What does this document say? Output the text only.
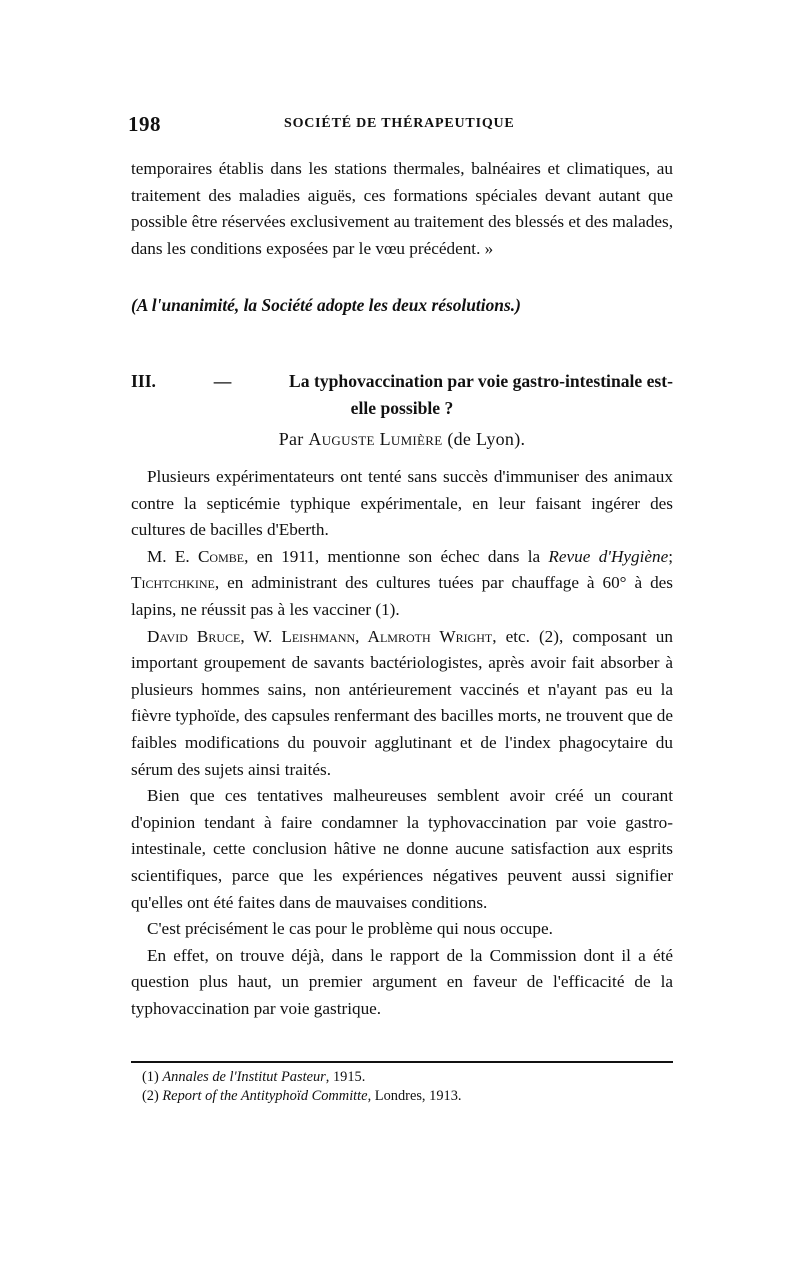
198	SOCIÉTÉ DE THÉRAPEUTIQUE

temporaires établis dans les stations thermales, balnéaires et climatiques, au traitement des maladies aiguës, ces formations spéciales devant autant que possible être réservées exclusivement au traitement des blessés et des malades, dans les conditions exposées par le vœu précédent. »

(A l'unanimité, la Société adopte les deux résolutions.)

III.	—	La typhovaccination par voie gastro-intestinale est-
elle possible ?
Par Auguste Lumière (de Lyon).

Plusieurs expérimentateurs ont tenté sans succès d'immuniser des animaux contre la septicémie typhique expérimentale, en leur faisant ingérer des cultures de bacilles d'Eberth.

M. E. Combe, en 1911, mentionne son échec dans la Revue d'Hygiène; Tichtchkine, en administrant des cultures tuées par chauffage à 60° à des lapins, ne réussit pas à les vacciner (1).

David Bruce, W. Leishmann, Almroth Wright, etc. (2), composant un important groupement de savants bactériologistes, après avoir fait absorber à plusieurs hommes sains, non antérieurement vaccinés et n'ayant pas eu la fièvre typhoïde, des capsules renfermant des bacilles morts, ne trouvent que de faibles modifications du pouvoir agglutinant et de l'index phagocytaire du sérum des sujets ainsi traités.

Bien que ces tentatives malheureuses semblent avoir créé un courant d'opinion tendant à faire condamner la typhovaccination par voie gastro-intestinale, cette conclusion hâtive ne donne aucune satisfaction aux esprits scientifiques, parce que les expériences négatives peuvent aussi signifier qu'elles ont été faites dans de mauvaises conditions.

C'est précisément le cas pour le problème qui nous occupe.

En effet, on trouve déjà, dans le rapport de la Commission dont il a été question plus haut, un premier argument en faveur de l'efficacité de la typhovaccination par voie gastrique.

(1) Annales de l'Institut Pasteur, 1915.

(2) Report of the Antityphoïd Committe, Londres, 1913.
